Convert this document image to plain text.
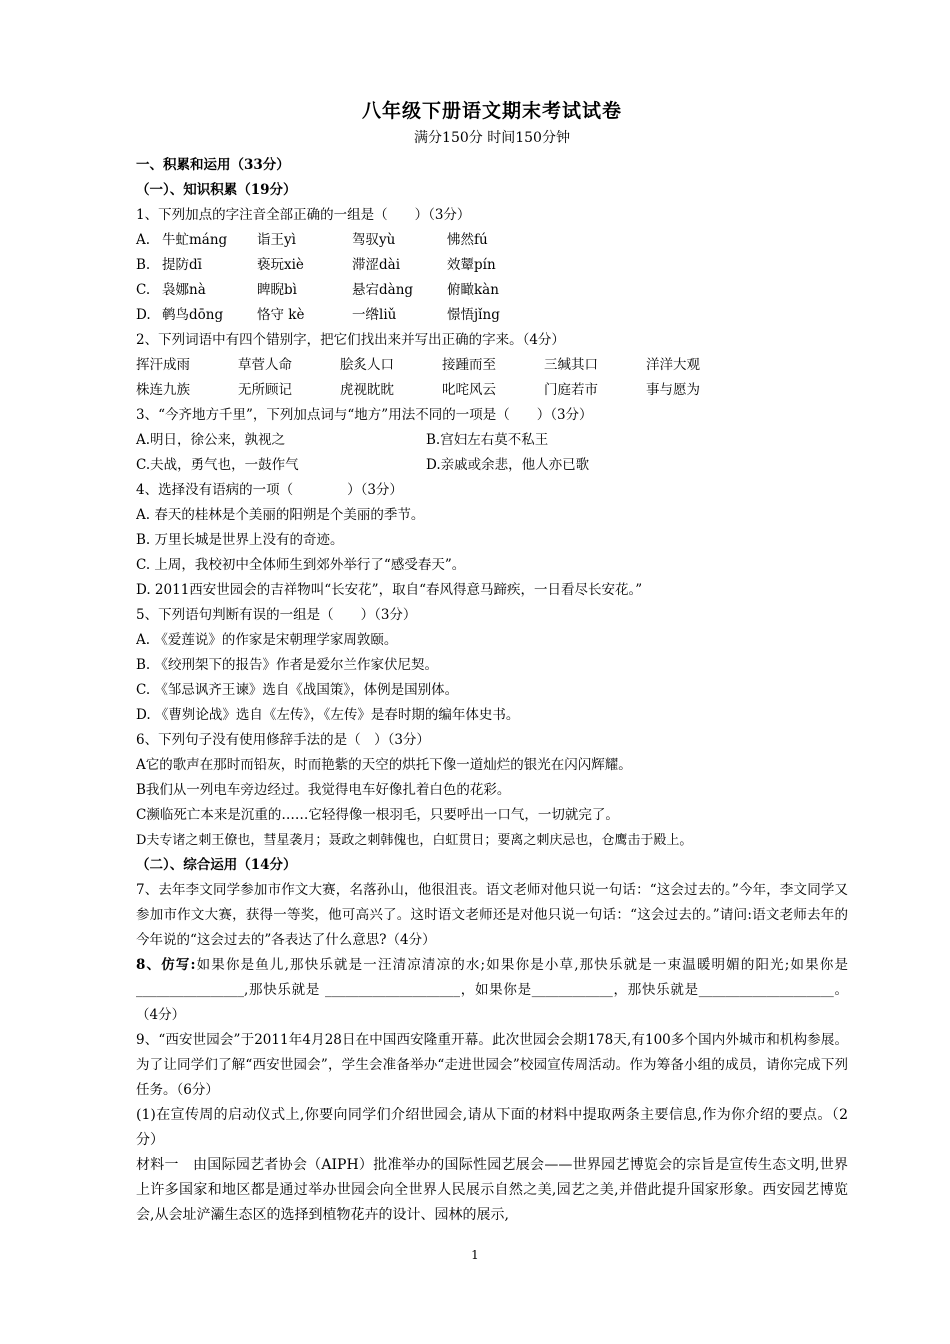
八年级下册语文期末考试试卷
满分150分 时间150分钟
一、积累和运用（33分）
（一）、知识积累（19分）
1、下列加点的字注音全部正确的一组是（　　）（3分）
A. 牛虻máng	诣王yì	驾驭yù	怫然fú
B. 提防dī	亵玩xiè	滞涩dài	效颦pín
C. 袅娜nà	睥睨bì	悬宕dàng	俯瞰kàn
D. 鹌鸟dōng	恪守 kè	一绺liǔ	憬悟jǐng
2、下列词语中有四个错别字，把它们找出来并写出正确的字来。（4分）
挥汗成雨	草菅人命	脍炙人口	接踵而至	三缄其口	洋洋大观
株连九族	无所顾记	虎视眈眈	叱咤风云	门庭若市	事与愿为
3、“今齐地方千里”，下列加点词与“地方”用法不同的一项是（　　）（3分）
A.明日，徐公来，孰视之	B.宫妇左右莫不私王
C.夫战，勇气也，一鼓作气	D.亲戚或余悲，他人亦已歌
4、选择没有语病的一项（　　　　）（3分）
A. 春天的桂林是个美丽的阳朔是个美丽的季节。
B. 万里长城是世界上没有的奇迹。
C. 上周，我校初中全体师生到郊外举行了“感受春天”。
D. 2011西安世园会的吉祥物叫“长安花”，取自“春风得意马蹄疾，一日看尽长安花。”
5、下列语句判断有误的一组是（　　）（3分）
A. 《爱莲说》的作家是宋朝理学家周敦颐。
B. 《绞刑架下的报告》作者是爱尔兰作家伏尼契。
C. 《邹忌讽齐王谏》选自《战国策》，体例是国别体。
D. 《曹刿论战》选自《左传》，《左传》是春时期的编年体史书。
6、下列句子没有使用修辞手法的是（　）（3分）
A它的歌声在那时而铅灰，时而艳紫的天空的烘托下像一道灿烂的银光在闪闪辉耀。
B我们从一列电车旁边经过。我觉得电车好像扎着白色的花彩。
C濒临死亡本来是沉重的……它轻得像一根羽毛，只要呼出一口气，一切就完了。
D夫专诸之刺王僚也，彗星袭月；聂政之刺韩傀也，白虹贯日；要离之刺庆忌也，仓鹰击于殿上。
（二）、综合运用（14分）
7、去年李文同学参加市作文大赛，名落孙山，他很沮丧。语文老师对他只说一句话：“这会过去的。”今年，李文同学又参加市作文大赛，获得一等奖，他可高兴了。这时语文老师还是对他只说一句话：“这会过去的。”请问:语文老师去年的今年说的“这会过去的”各表达了什么意思?（4分）
8、仿写:如果你是鱼儿,那快乐就是一汪清凉清凉的水;如果你是小草,那快乐就是一束温暖明媚的阳光;如果你是________________,那快乐就是 ____________________，如果你是____________，那快乐就是____________________。（4分）
9、“西安世园会”于2011年4月28日在中国西安隆重开幕。此次世园会会期178天,有100多个国内外城市和机构参展。为了让同学们了解“西安世园会”，学生会准备举办“走进世园会”校园宣传周活动。作为筹备小组的成员，请你完成下列任务。（6分）
(1)在宣传周的启动仪式上,你要向同学们介绍世园会,请从下面的材料中提取两条主要信息,作为你介绍的要点。（2分）
材料一　由国际园艺者协会（AIPH）批准举办的国际性园艺展会——世界园艺博览会的宗旨是宣传生态文明,世界上许多国家和地区都是通过举办世园会向全世界人民展示自然之美,园艺之美,并借此提升国家形象。西安园艺博览会,从会址浐灞生态区的选择到植物花卉的设计、园林的展示,
1
